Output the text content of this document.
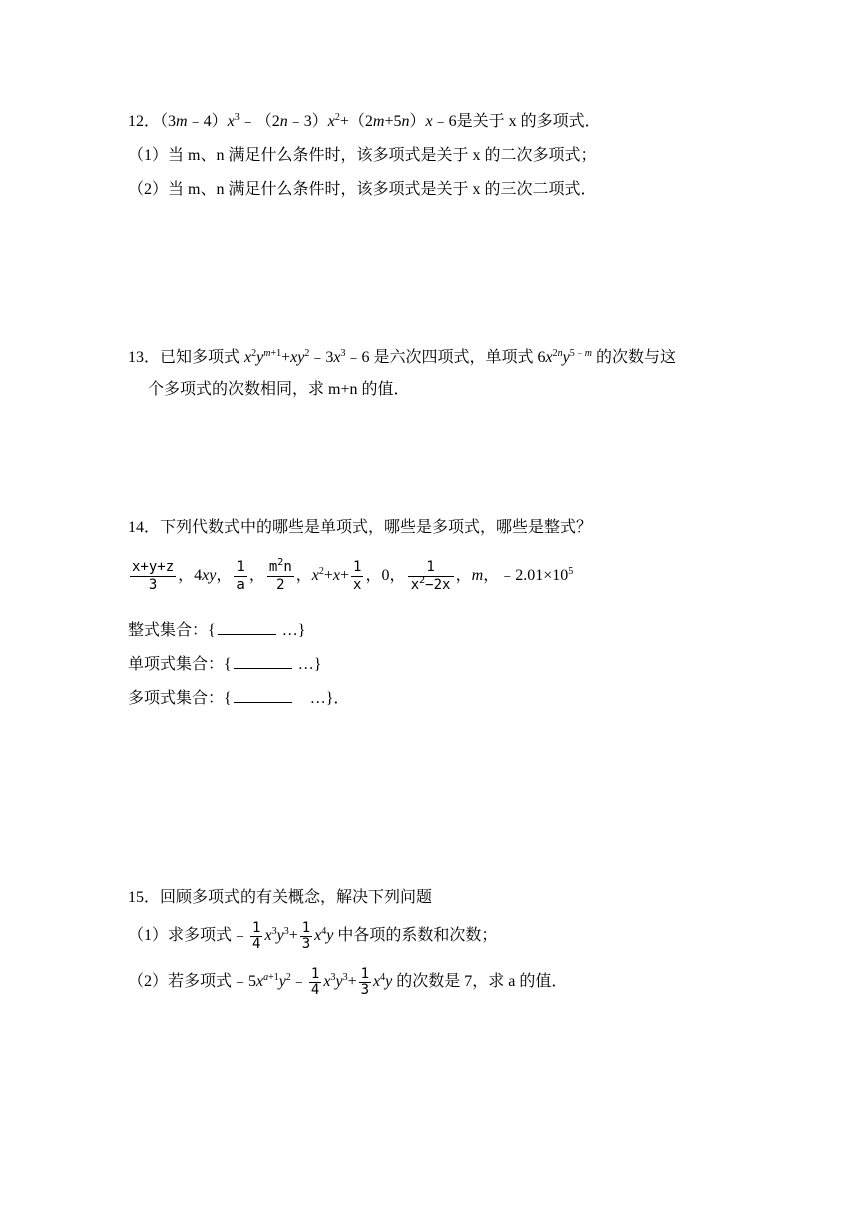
12．$(3m﹣4)x^3﹣(2n﹣3)x^2+(2m+5n)x﹣6$是关于 x 的多项式．
（1）当 m、n 满足什么条件时，该多项式是关于 x 的二次多项式；
（2）当 m、n 满足什么条件时，该多项式是关于 x 的三次二项式．
13．已知多项式 $x^2y^{m+1}+xy^2﹣3x^3﹣6$ 是六次四项式，单项式 $6x^{2n}y^{5﹣m}$ 的次数与这
个多项式的次数相同，求 m+n 的值．
14．下列代数式中的哪些是单项式，哪些是多项式，哪些是整式？
$\frac{x+y+z}{3}$ ，4xy， $\frac{1}{a}$ ， $\frac{m^2n}{2}$ ，$x^2+x+ \frac{1}{x}$ ，0， $\frac{1}{x^2-2x}$ ，m，$﹣2.01\times 10^5$
整式集合：{	…}
单项式集合：{	…}
多项式集合：{	…}．
15．回顾多项式的有关概念，解决下列问题
（1）求多项式﹣ $\frac{1}{4} x^3y^3+ \frac{1}{3} x^4y$ 中各项的系数和次数；
（2）若多项式$﹣5x^{a+1}y^2﹣ \frac{1}{4} x^3y^3+ \frac{1}{3} x^4y$ 的次数是 7，求 a 的值．
